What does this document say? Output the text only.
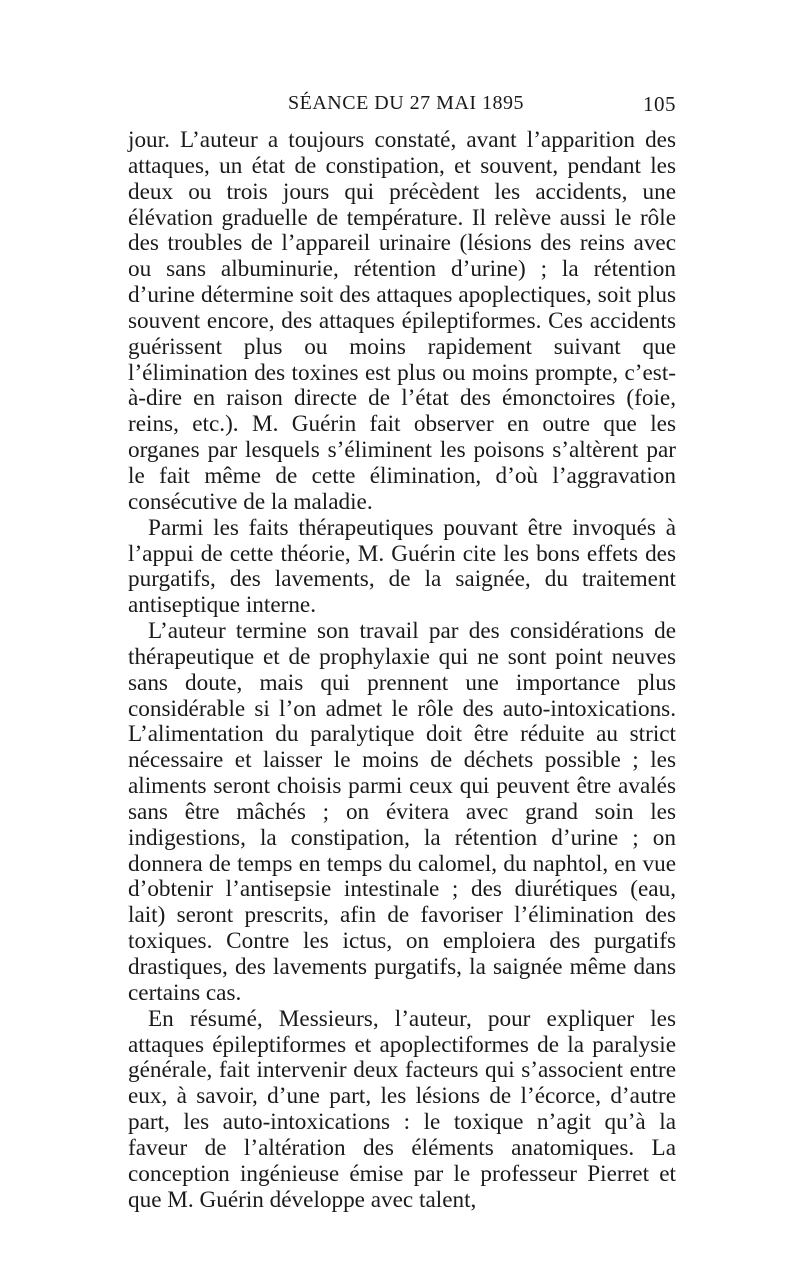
SÉANCE DU 27 MAI 1895	105

jour. L’auteur a toujours constaté, avant l’apparition des attaques, un état de constipation, et souvent, pendant les deux ou trois jours qui précèdent les accidents, une élévation graduelle de température. Il relève aussi le rôle des troubles de l’appareil urinaire (lésions des reins avec ou sans albuminurie, rétention d’urine) ; la rétention d’urine détermine soit des attaques apoplectiques, soit plus souvent encore, des attaques épileptiformes. Ces accidents guérissent plus ou moins rapidement suivant que l’élimination des toxines est plus ou moins prompte, c’est-à-dire en raison directe de l’état des émonctoires (foie, reins, etc.). M. Guérin fait observer en outre que les organes par lesquels s’éliminent les poisons s’altèrent par le fait même de cette élimination, d’où l’aggravation consécutive de la maladie.

Parmi les faits thérapeutiques pouvant être invoqués à l’appui de cette théorie, M. Guérin cite les bons effets des purgatifs, des lavements, de la saignée, du traitement antiseptique interne.

L’auteur termine son travail par des considérations de thérapeutique et de prophylaxie qui ne sont point neuves sans doute, mais qui prennent une importance plus considérable si l’on admet le rôle des auto-intoxications. L’alimentation du paralytique doit être réduite au strict nécessaire et laisser le moins de déchets possible ; les aliments seront choisis parmi ceux qui peuvent être avalés sans être mâchés ; on évitera avec grand soin les indigestions, la constipation, la rétention d’urine ; on donnera de temps en temps du calomel, du naphtol, en vue d’obtenir l’antisepsie intestinale ; des diurétiques (eau, lait) seront prescrits, afin de favoriser l’élimination des toxiques. Contre les ictus, on emploiera des purgatifs drastiques, des lavements purgatifs, la saignée même dans certains cas.

En résumé, Messieurs, l’auteur, pour expliquer les attaques épileptiformes et apoplectiformes de la paralysie générale, fait intervenir deux facteurs qui s’associent entre eux, à savoir, d’une part, les lésions de l’écorce, d’autre part, les auto-intoxications : le toxique n’agit qu’à la faveur de l’altération des éléments anatomiques. La conception ingénieuse émise par le professeur Pierret et que M. Guérin développe avec talent,
